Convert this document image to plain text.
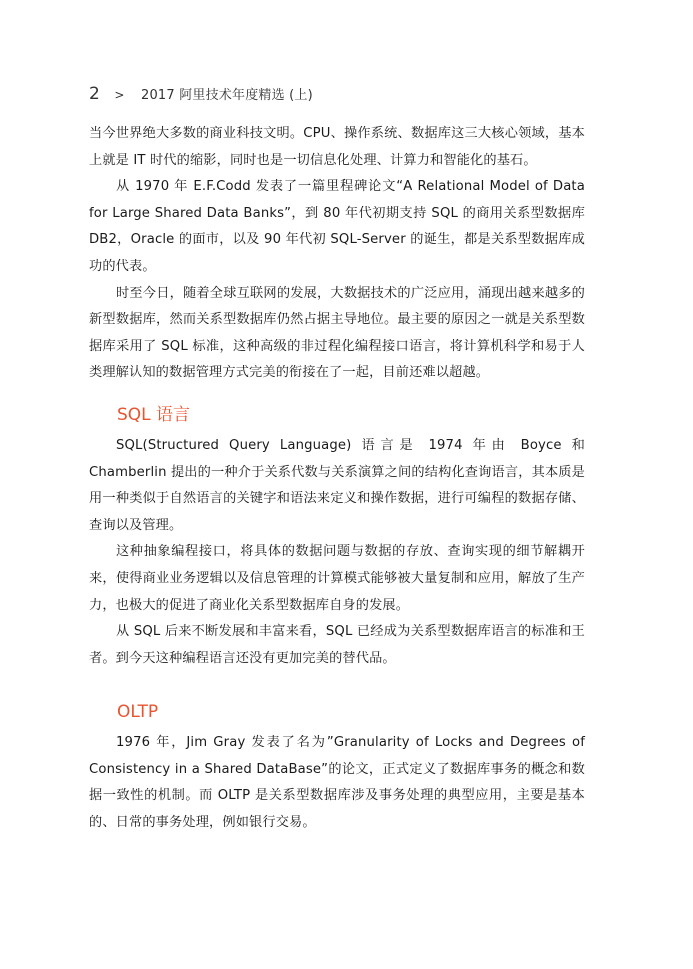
2 > 2017 阿里技术年度精选 (上)

当今世界绝大多数的商业科技文明。CPU、操作系统、数据库这三大核心领域，基本上就是 IT 时代的缩影，同时也是一切信息化处理、计算力和智能化的基石。

从 1970 年 E.F.Codd 发表了一篇里程碑论文“A Relational Model of Data for Large Shared Data Banks”，到 80 年代初期支持 SQL 的商用关系型数据库 DB2，Oracle 的面市，以及 90 年代初 SQL-Server 的诞生，都是关系型数据库成功的代表。

时至今日，随着全球互联网的发展，大数据技术的广泛应用，涌现出越来越多的新型数据库，然而关系型数据库仍然占据主导地位。最主要的原因之一就是关系型数据库采用了 SQL 标准，这种高级的非过程化编程接口语言，将计算机科学和易于人类理解认知的数据管理方式完美的衔接在了一起，目前还难以超越。

SQL 语言

SQL(Structured Query Language) 语言是 1974 年由 Boyce 和 Chamberlin 提出的一种介于关系代数与关系演算之间的结构化查询语言，其本质是用一种类似于自然语言的关键字和语法来定义和操作数据，进行可编程的数据存储、查询以及管理。

这种抽象编程接口，将具体的数据问题与数据的存放、查询实现的细节解耦开来，使得商业业务逻辑以及信息管理的计算模式能够被大量复制和应用，解放了生产力，也极大的促进了商业化关系型数据库自身的发展。

从 SQL 后来不断发展和丰富来看，SQL 已经成为关系型数据库语言的标准和王者。到今天这种编程语言还没有更加完美的替代品。

OLTP

1976 年，Jim Gray 发表了名为”Granularity of Locks and Degrees of Consistency in a Shared DataBase”的论文，正式定义了数据库事务的概念和数据一致性的机制。而 OLTP 是关系型数据库涉及事务处理的典型应用，主要是基本的、日常的事务处理，例如银行交易。
